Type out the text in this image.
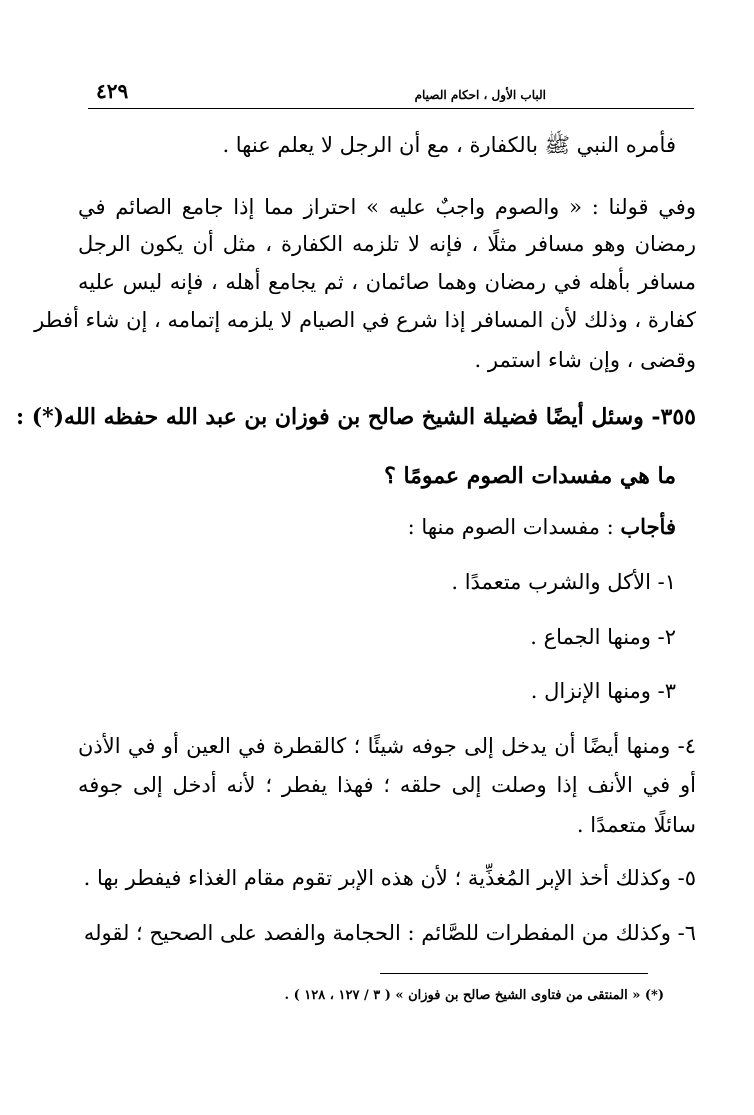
الباب الأول ، احكام الصيام
٤٢٩
فأمره النبي ﷺ بالكفارة ، مع أن الرجل لا يعلم عنها .
وفي قولنا : « والصوم واجبٌ عليه » احتراز مما إذا جامع الصائم في
رمضان وهو مسافر مثلًا ، فإنه لا تلزمه الكفارة ، مثل أن يكون الرجل
مسافر بأهله في رمضان وهما صائمان ، ثم يجامع أهله ، فإنه ليس عليه
كفارة ، وذلك لأن المسافر إذا شرع في الصيام لا يلزمه إتمامه ، إن شاء أفطر
وقضى ، وإن شاء استمر .
٣٥٥- وسئل أيضًا فضيلة الشيخ صالح بن فوزان بن عبد الله حفظه الله(*) :
ما هي مفسدات الصوم عمومًا ؟
فأجاب : مفسدات الصوم منها :
١- الأكل والشرب متعمدًا .
٢- ومنها الجماع .
٣- ومنها الإنزال .
٤- ومنها أيضًا أن يدخل إلى جوفه شيئًا ؛ كالقطرة في العين أو في الأذن
أو في الأنف إذا وصلت إلى حلقه ؛ فهذا يفطر ؛ لأنه أدخل إلى جوفه
سائلًا متعمدًا .
٥- وكذلك أخذ الإبر المُغذِّية ؛ لأن هذه الإبر تقوم مقام الغذاء فيفطر بها .
٦- وكذلك من المفطرات للصَّائم : الحجامة والفصد على الصحيح ؛ لقوله
(*) « المنتقى من فتاوى الشيخ صالح بن فوزان » ( ٣ / ١٢٧ ، ١٢٨ ) .
